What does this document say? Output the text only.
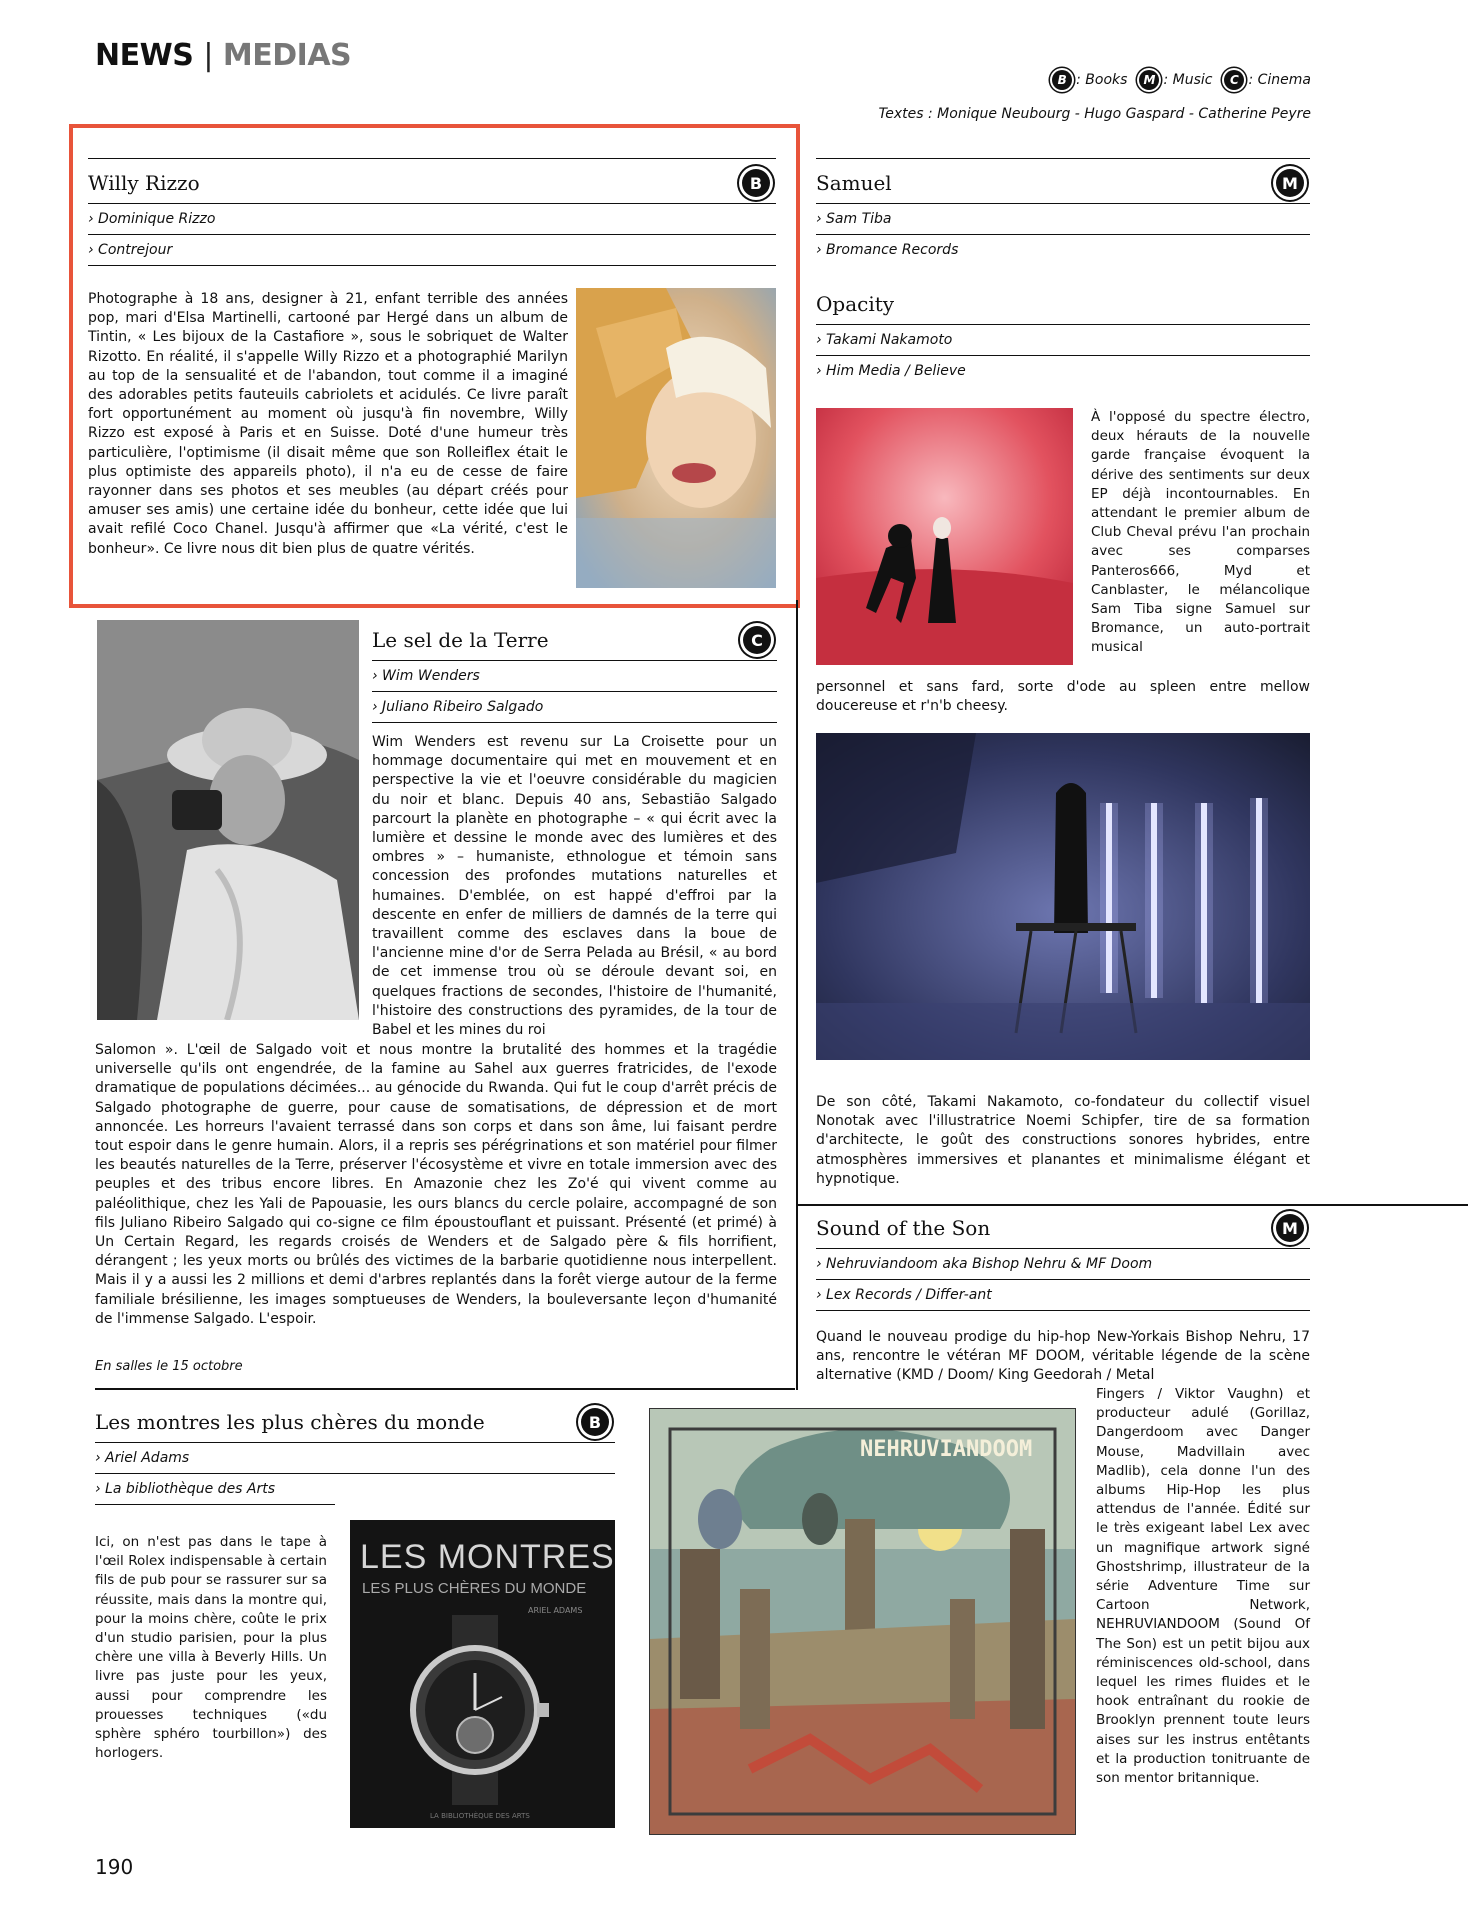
NEWS | MEDIAS
B : Books	M : Music	C : Cinema
Textes : Monique Neubourg - Hugo Gaspard - Catherine Peyre
Willy Rizzo	B
› Dominique Rizzo
› Contrejour
Photographe à 18 ans, designer à 21, enfant terrible des années pop, mari d'Elsa Martinelli, cartooné par Hergé dans un album de Tintin, « Les bijoux de la Castafiore », sous le sobriquet de Walter Rizotto. En réalité, il s'appelle Willy Rizzo et a photographié Marilyn au top de la sensualité et de l'abandon, tout comme il a imaginé des adorables petits fauteuils cabriolets et acidulés. Ce livre paraît fort opportunément au moment où jusqu'à fin novembre, Willy Rizzo est exposé à Paris et en Suisse. Doté d'une humeur très particulière, l'optimisme (il disait même que son Rolleiflex était le plus optimiste des appareils photo), il n'a eu de cesse de faire rayonner dans ses photos et ses meubles (au départ créés pour amuser ses amis) une certaine idée du bonheur, cette idée que lui avait refilé Coco Chanel. Jusqu'à affirmer que «La vérité, c'est le bonheur». Ce livre nous dit bien plus de quatre vérités.
Le sel de la Terre	C
› Wim Wenders
› Juliano Ribeiro Salgado
Wim Wenders est revenu sur La Croisette pour un hommage documentaire qui met en mouvement et en perspective la vie et l'oeuvre considérable du magicien du noir et blanc. Depuis 40 ans, Sebastião Salgado parcourt la planète en photographe – « qui écrit avec la lumière et dessine le monde avec des lumières et des ombres » – humaniste, ethnologue et témoin sans concession des profondes mutations naturelles et humaines. D'emblée, on est happé d'effroi par la descente en enfer de milliers de damnés de la terre qui travaillent comme des esclaves dans la boue de l'ancienne mine d'or de Serra Pelada au Brésil, « au bord de cet immense trou où se déroule devant soi, en quelques fractions de secondes, l'histoire de l'humanité, l'histoire des constructions des pyramides, de la tour de Babel et les mines du roi
Salomon ». L'œil de Salgado voit et nous montre la brutalité des hommes et la tragédie universelle qu'ils ont engendrée, de la famine au Sahel aux guerres fratricides, de l'exode dramatique de populations décimées... au génocide du Rwanda. Qui fut le coup d'arrêt précis de Salgado photographe de guerre, pour cause de somatisations, de dépression et de mort annoncée. Les horreurs l'avaient terrassé dans son corps et dans son âme, lui faisant perdre tout espoir dans le genre humain. Alors, il a repris ses pérégrinations et son matériel pour filmer les beautés naturelles de la Terre, préserver l'écosystème et vivre en totale immersion avec des peuples et des tribus encore libres. En Amazonie chez les Zo'é qui vivent comme au paléolithique, chez les Yali de Papouasie, les ours blancs du cercle polaire, accompagné de son fils Juliano Ribeiro Salgado qui co-signe ce film époustouflant et puissant. Présenté (et primé) à Un Certain Regard, les regards croisés de Wenders et de Salgado père & fils horrifient, dérangent ; les yeux morts ou brûlés des victimes de la barbarie quotidienne nous interpellent. Mais il y a aussi les 2 millions et demi d'arbres replantés dans la forêt vierge autour de la ferme familiale brésilienne, les images somptueuses de Wenders, la bouleversante leçon d'humanité de l'immense Salgado. L'espoir.
En salles le 15 octobre
Les montres les plus chères du monde	B
› Ariel Adams
› La bibliothèque des Arts
Ici, on n'est pas dans le tape à l'œil Rolex indispensable à certain fils de pub pour se rassurer sur sa réussite, mais dans la montre qui, pour la moins chère, coûte le prix d'un studio parisien, pour la plus chère une villa à Beverly Hills. Un livre pas juste pour les yeux, aussi pour comprendre les prouesses techniques («du sphère sphéro tourbillon») des horlogers.
LES MONTRES
LES PLUS CHÈRES DU MONDE
ARIEL ADAMS
LA BIBLIOTHÈQUE DES ARTS
NEHRUVIANDOOM
Samuel	M
› Sam Tiba
› Bromance Records
Opacity
› Takami Nakamoto
› Him Media / Believe
À l'opposé du spectre électro, deux hérauts de la nouvelle garde française évoquent la dérive des sentiments sur deux EP déjà incontournables. En attendant le premier album de Club Cheval prévu l'an prochain avec ses comparses Panteros666, Myd et Canblaster, le mélancolique Sam Tiba signe Samuel sur Bromance, un auto-portrait musical
personnel et sans fard, sorte d'ode au spleen entre mellow doucereuse et r'n'b cheesy.
De son côté, Takami Nakamoto, co-fondateur du collectif visuel Nonotak avec l'illustratrice Noemi Schipfer, tire de sa formation d'architecte, le goût des constructions sonores hybrides, entre atmosphères immersives et planantes et minimalisme élégant et hypnotique.
Sound of the Son	M
› Nehruviandoom aka Bishop Nehru & MF Doom
› Lex Records / Differ-ant
Quand le nouveau prodige du hip-hop New-Yorkais Bishop Nehru, 17 ans, rencontre le vétéran MF DOOM, véritable légende de la scène alternative (KMD / Doom/ King Geedorah / Metal
Fingers / Viktor Vaughn) et producteur adulé (Gorillaz, Dangerdoom avec Danger Mouse, Madvillain avec Madlib), cela donne l'un des albums Hip-Hop les plus attendus de l'année. Édité sur le très exigeant label Lex avec un magnifique artwork signé Ghostshrimp, illustrateur de la série Adventure Time sur Cartoon Network, NEHRUVIANDOOM (Sound Of The Son) est un petit bijou aux réminiscences old-school, dans lequel les rimes fluides et le hook entraînant du rookie de Brooklyn prennent toute leurs aises sur les instrus entêtants et la production tonitruante de son mentor britannique.
190
